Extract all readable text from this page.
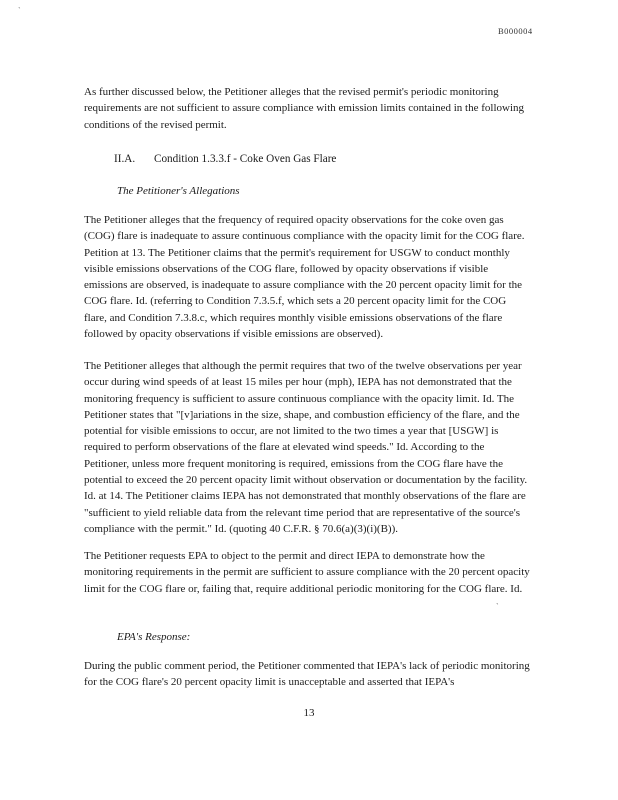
`
B000004

As further discussed below, the Petitioner alleges that the revised permit's periodic monitoring requirements are not sufficient to assure compliance with emission limits contained in the following conditions of the revised permit.

II.A. Condition 1.3.3.f - Coke Oven Gas Flare

The Petitioner's Allegations

The Petitioner alleges that the frequency of required opacity observations for the coke oven gas (COG) flare is inadequate to assure continuous compliance with the opacity limit for the COG flare. Petition at 13. The Petitioner claims that the permit's requirement for USGW to conduct monthly visible emissions observations of the COG flare, followed by opacity observations if visible emissions are observed, is inadequate to assure compliance with the 20 percent opacity limit for the COG flare. Id. (referring to Condition 7.3.5.f, which sets a 20 percent opacity limit for the COG flare, and Condition 7.3.8.c, which requires monthly visible emissions observations of the flare followed by opacity observations if visible emissions are observed).

The Petitioner alleges that although the permit requires that two of the twelve observations per year occur during wind speeds of at least 15 miles per hour (mph), IEPA has not demonstrated that the monitoring frequency is sufficient to assure continuous compliance with the opacity limit. Id. The Petitioner states that "[v]ariations in the size, shape, and combustion efficiency of the flare, and the potential for visible emissions to occur, are not limited to the two times a year that [USGW] is required to perform observations of the flare at elevated wind speeds." Id. According to the Petitioner, unless more frequent monitoring is required, emissions from the COG flare have the potential to exceed the 20 percent opacity limit without observation or documentation by the facility. Id. at 14. The Petitioner claims IEPA has not demonstrated that monthly observations of the flare are "sufficient to yield reliable data from the relevant time period that are representative of the source's compliance with the permit." Id. (quoting 40 C.F.R. § 70.6(a)(3)(i)(B)).

The Petitioner requests EPA to object to the permit and direct IEPA to demonstrate how the monitoring requirements in the permit are sufficient to assure compliance with the 20 percent opacity limit for the COG flare or, failing that, require additional periodic monitoring for the COG flare. Id.

`

EPA's Response:

During the public comment period, the Petitioner commented that IEPA's lack of periodic monitoring for the COG flare's 20 percent opacity limit is unacceptable and asserted that IEPA's

13
